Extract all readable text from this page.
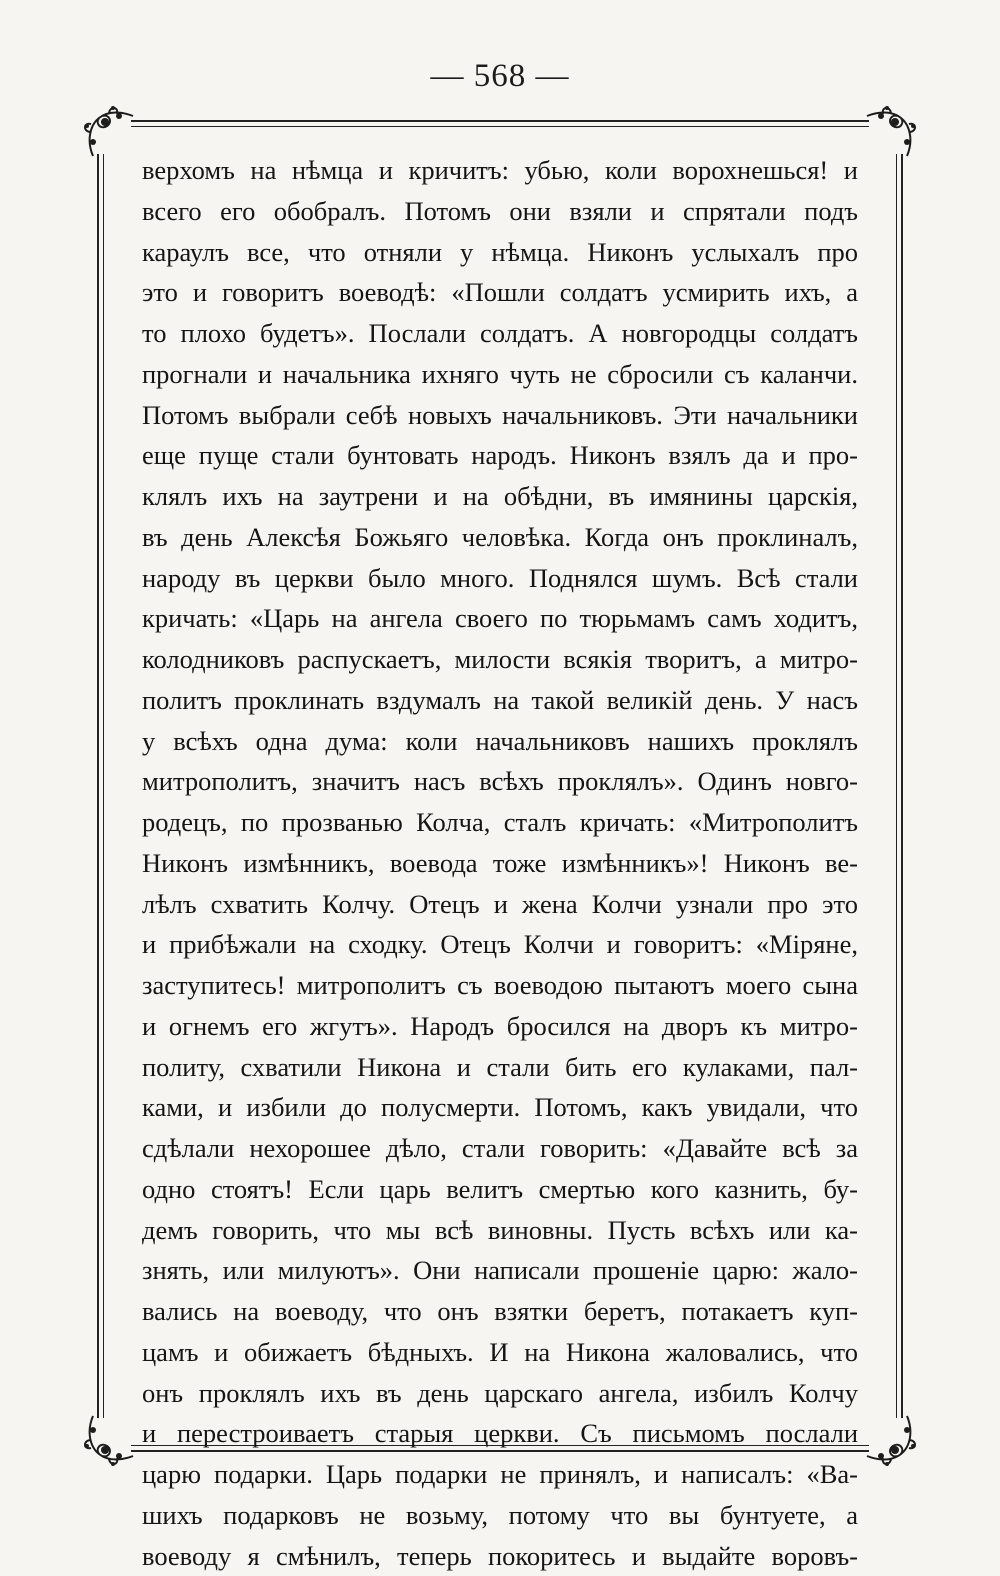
— 568 —
верхомъ на нѣмца и кричитъ: убью, коли ворохнешься! и
всего его обобралъ. Потомъ они взяли и спрятали подъ
караулъ все, что отняли у нѣмца. Никонъ услыхалъ про
это и говоритъ воеводѣ: «Пошли солдатъ усмирить ихъ, а
то плохо будетъ». Послали солдатъ. А новгородцы солдатъ
прогнали и начальника ихняго чуть не сбросили съ каланчи.
Потомъ выбрали себѣ новыхъ начальниковъ. Эти начальники
еще пуще стали бунтовать народъ. Никонъ взялъ да и про-
клялъ ихъ на заутрени и на обѣдни, въ имянины царскія,
въ день Алексѣя Божьяго человѣка. Когда онъ проклиналъ,
народу въ церкви было много. Поднялся шумъ. Всѣ стали
кричать: «Царь на ангела своего по тюрьмамъ самъ ходитъ,
колодниковъ распускаетъ, милости всякія творитъ, а митро-
политъ проклинать вздумалъ на такой великій день. У насъ
у всѣхъ одна дума: коли начальниковъ нашихъ проклялъ
митрополитъ, значитъ насъ всѣхъ проклялъ». Одинъ новго-
родецъ, по прозванью Колча, сталъ кричать: «Митрополитъ
Никонъ измѣнникъ, воевода тоже измѣнникъ»! Никонъ ве-
лѣлъ схватить Колчу. Отецъ и жена Колчи узнали про это
и прибѣжали на сходку. Отецъ Колчи и говоритъ: «Міряне,
заступитесь! митрополитъ съ воеводою пытаютъ моего сына
и огнемъ его жгутъ». Народъ бросился на дворъ къ митро-
политу, схватили Никона и стали бить его кулаками, пал-
ками, и избили до полусмерти. Потомъ, какъ увидали, что
сдѣлали нехорошее дѣло, стали говорить: «Давайте всѣ за
одно стоятъ! Если царь велитъ смертью кого казнить, бу-
демъ говорить, что мы всѣ виновны. Пусть всѣхъ или ка-
знять, или милуютъ». Они написали прошеніе царю: жало-
вались на воеводу, что онъ взятки беретъ, потакаетъ куп-
цамъ и обижаетъ бѣдныхъ. И на Никона жаловались, что
онъ проклялъ ихъ въ день царскаго ангела, избилъ Колчу
и перестроиваетъ старыя церкви. Съ письмомъ послали
царю подарки. Царь подарки не принялъ, и написалъ: «Ва-
шихъ подарковъ не возьму, потому что вы бунтуете, а
воеводу я смѣнилъ, теперь покоритесь и выдайте воровъ-
